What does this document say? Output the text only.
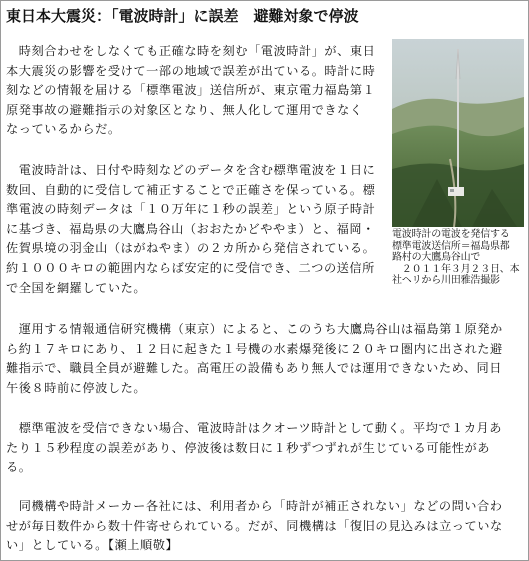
東日本大震災：「電波時計」に誤差　避難対象で停波
電波時計の電波を発信する
標準電波送信所＝福島県都
路村の大鷹鳥谷山で
　２０１１年３月２３日、本
社ヘリから川田雅浩撮影
　時刻合わせをしなくても正確な時を刻む「電波時計」が、東日
本大震災の影響を受けて一部の地域で誤差が出ている。時計に時
刻などの情報を届ける「標準電波」送信所が、東京電力福島第１
原発事故の避難指示の対象区となり、無人化して運用できなく
なっているからだ。
　電波時計は、日付や時刻などのデータを含む標準電波を１日に
数回、自動的に受信して補正することで正確さを保っている。標
準電波の時刻データは「１０万年に１秒の誤差」という原子時計
に基づき、福島県の大鷹鳥谷山（おおたかどややま）と、福岡・
佐賀県境の羽金山（はがねやま）の２カ所から発信されている。
約１０００キロの範囲内ならば安定的に受信でき、二つの送信所
で全国を網羅していた。
　運用する情報通信研究機構（東京）によると、このうち大鷹鳥谷山は福島第１原発か
ら約１７キロにあり、１２日に起きた１号機の水素爆発後に２０キロ圏内に出された避
難指示で、職員全員が避難した。高電圧の設備もあり無人では運用できないため、同日
午後８時前に停波した。
　標準電波を受信できない場合、電波時計はクオーツ時計として動く。平均で１カ月あ
たり１５秒程度の誤差があり、停波後は数日に１秒ずつずれが生じている可能性があ
る。
　同機構や時計メーカー各社には、利用者から「時計が補正されない」などの問い合わ
せが毎日数件から数十件寄せられている。だが、同機構は「復旧の見込みは立っていな
い」としている。【瀬上順敬】
